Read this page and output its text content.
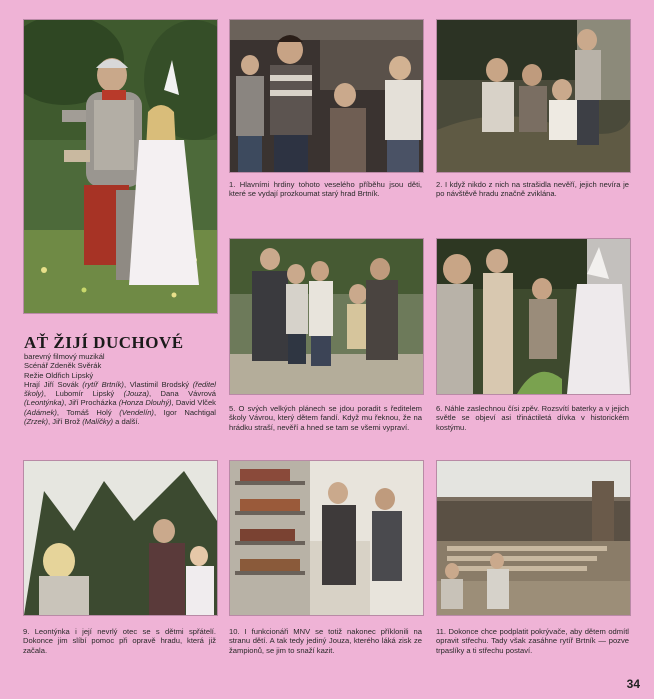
1. Hlavními hrdiny tohoto veselého příběhu jsou děti, které se vydají prozkoumat starý hrad Brtník.
2. I když nikdo z nich na strašidla nevěří, jejich nevíra je po návštěvě hradu značně zviklána.
5. O svých velkých plánech se jdou poradit s ředitelem školy Vávrou, který dětem fandí. Když mu řeknou, že na hrádku straší, nevěří a hned se tam se všemi vypraví.
6. Náhle zaslechnou čísi zpěv. Rozsvítí baterky a v jejich světle se objeví asi třináctiletá dívka v historickém kostýmu.
9. Leontýnka i její nevrlý otec se s dětmi spřátelí. Dokonce jim slíbí pomoc při opravě hradu, která již začala.
10. I funkcionáři MNV se totiž nakonec příklonili na stranu dětí. A tak tedy jediný Jouza, kterého láká zisk ze žampionů, se jim to snaží kazit.
11. Dokonce chce podplatit pokrývače, aby dětem odmítl opravit střechu. Tady však zasáhne rytíř Brtník — pozve trpaslíky a ti střechu postaví.
AŤ ŽIJÍ DUCHOVÉ
barevný filmový muzikál
Scénář Zdeněk Svěrák
Režie Oldřich Lipský
Hrají Jiří Sovák (rytíř Brtník), Vlastimil Brodský (ředitel školy), Lubomír Lipský (Jouza), Dana Vávrová (Leontýnka), Jiří Procházka (Honza Dlouhý), David Vlček (Adámek), Tomáš Holý (Vendelín), Igor Nachtigal (Zrzek), Jiří Brož (Malíčky) a další.
34
